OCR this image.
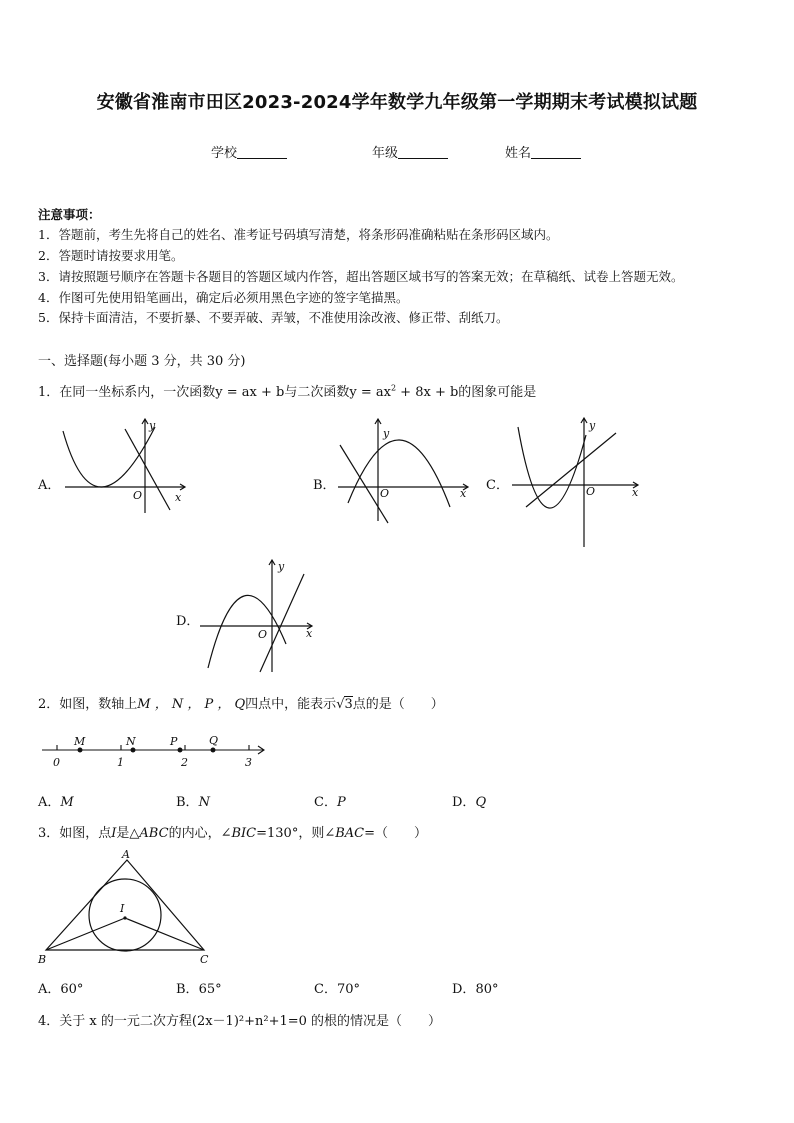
安徽省淮南市田区2023-2024学年数学九年级第一学期期末考试模拟试题
学校	年级	姓名
注意事项：
1．答题前，考生先将自己的姓名、准考证号码填写清楚，将条形码准确粘贴在条形码区域内。
2．答题时请按要求用笔。
3．请按照题号顺序在答题卡各题目的答题区域内作答，超出答题区域书写的答案无效；在草稿纸、试卷上答题无效。
4．作图可先使用铅笔画出，确定后必须用黑色字迹的签字笔描黑。
5．保持卡面清洁，不要折暴、不要弄破、弄皱，不准使用涂改液、修正带、刮纸刀。
一、选择题(每小题 3 分，共 30 分)
1．在同一坐标系内，一次函数y = ax + b与二次函数$y = ax^2 + 8x + b$的图象可能是
A．	B．	C．
D．
y
x
O
y
x
O
y
x
O
y
x
O
2．如图，数轴上M ， N ， P ， Q四点中，能表示√3点的是（　　）
M	N	P	Q
0	1	2	3
A．M	B．N	C．P	D．Q
3．如图，点I是△ABC的内心，∠BIC=130°，则∠BAC=（　　）
A
B	C
I
A．60°	B．65°	C．70°	D．80°
4．关于 x 的一元二次方程(2x－1)²+n²+1=0 的根的情况是（　　）
